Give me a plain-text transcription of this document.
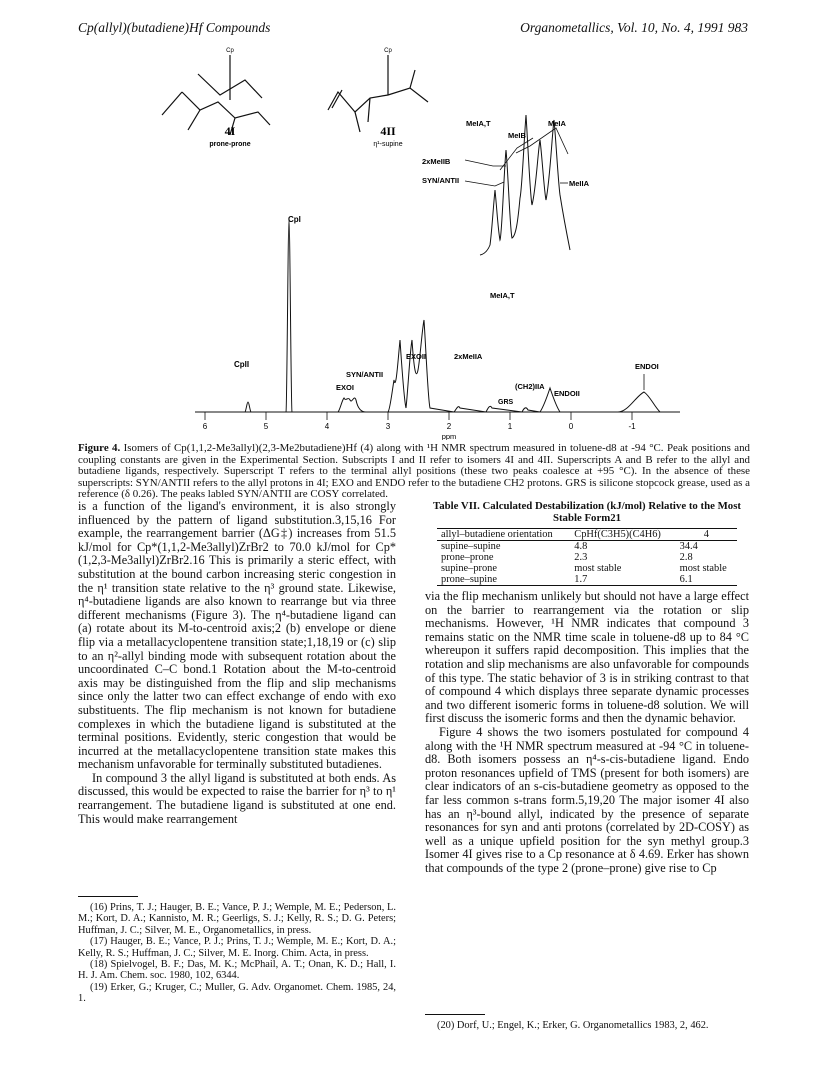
Cp(allyl)(butadiene)Hf Compounds	Organometallics, Vol. 10, No. 4, 1991 983
Cp
4I
prone-prone
Cp
4II
η¹-supine
MeIA,T
MeIB
MeIA
2xMeIIB
SYN/ANTII	MeIIA
CpII
CpI
EXOII	2xMeIIA
SYN/ANTII
EXOI	(CH2)IIA
ENDOII
ENDOI
GRS
MeIA,T
6	5	4	3	2	1	0	-1
ppm
Figure 4. Isomers of Cp(1,1,2-Me3allyl)(2,3-Me2butadiene)Hf (4) along with ¹H NMR spectrum measured in toluene-d8 at -94 °C. Peak positions and coupling constants are given in the Experimental Section. Subscripts I and II refer to isomers 4I and 4II. Superscripts A and B refer to the allyl and butadiene ligands, respectively. Superscript T refers to the terminal allyl positions (these two peaks coalesce at +95 °C). In the absence of these superscripts: SYN/ANTII refers to the allyl protons in 4I; EXO and ENDO refer to the butadiene CH2 protons. GRS is silicone stopcock grease, used as a reference (δ 0.26). The peaks labled SYN/ANTII are COSY correlated.

is a function of the ligand's environment, it is also strongly influenced by the pattern of ligand substitution.3,15,16 For example, the rearrangement barrier (ΔG‡) increases from 51.5 kJ/mol for Cp*(1,1,2-Me3allyl)ZrBr2 to 70.0 kJ/mol for Cp*(1,2,3-Me3allyl)ZrBr2.16 This is primarily a steric effect, with substitution at the bound carbon increasing steric congestion in the η¹ transition state relative to the η³ ground state. Likewise, η⁴-butadiene ligands are also known to rearrange but via three different mechanisms (Figure 3). The η⁴-butadiene ligand can (a) rotate about its M-to-centroid axis;2 (b) envelope or diene flip via a metallacyclopentene transition state;1,18,19 or (c) slip to an η²-allyl binding mode with subsequent rotation about the uncoordinated C–C bond.1 Rotation about the M-to-centroid axis may be distinguished from the flip and slip mechanisms since only the latter two can effect exchange of endo with exo substituents. The flip mechanism is not known for butadiene complexes in which the butadiene ligand is substituted at the terminal positions. Evidently, steric congestion that would be incurred at the metallacyclopentene transition state makes this mechanism unfavorable for terminally substituted butadienes.

In compound 3 the allyl ligand is substituted at both ends. As discussed, this would be expected to raise the barrier for η³ to η¹ rearrangement. The butadiene ligand is substituted at one end. This would make rearrangement

Table VII. Calculated Destabilization (kJ/mol) Relative to the Most Stable Form21
allyl–butadiene orientation	CpHf(C3H5)(C4H6)	4
supine–supine	4.8	34.4
prone–prone	2.3	2.8
supine–prone	most stable	most stable
prone–supine	1.7	6.1

via the flip mechanism unlikely but should not have a large effect on the barrier to rearrangement via the rotation or slip mechanisms. However, ¹H NMR indicates that compound 3 remains static on the NMR time scale in toluene-d8 up to 84 °C whereupon it suffers rapid decomposition. This implies that the rotation and slip mechanisms are also unfavorable for compounds of this type. The static behavior of 3 is in striking contrast to that of compound 4 which displays three separate dynamic processes and two different isomeric forms in toluene-d8 solution. We will first discuss the isomeric forms and then the dynamic behavior.

Figure 4 shows the two isomers postulated for compound 4 along with the ¹H NMR spectrum measured at -94 °C in toluene-d8. Both isomers possess an η⁴-s-cis-butadiene ligand. Endo proton resonances upfield of TMS (present for both isomers) are clear indicators of an s-cis-butadiene geometry as opposed to the far less common s-trans form.5,19,20 The major isomer 4I also has an η³-bound allyl, indicated by the presence of separate resonances for syn and anti protons (correlated by 2D-COSY) as well as a unique upfield position for the syn methyl group.3 Isomer 4I gives rise to a Cp resonance at δ 4.69. Erker has shown that compounds of the type 2 (prone–prone) give rise to Cp

(16) Prins, T. J.; Hauger, B. E.; Vance, P. J.; Wemple, M. E.; Pederson, L. M.; Kort, D. A.; Kannisto, M. R.; Geerligs, S. J.; Kelly, R. S.; D. G. Peters; Huffman, J. C.; Silver, M. E., Organometallics, in press.

(17) Hauger, B. E.; Vance, P. J.; Prins, T. J.; Wemple, M. E.; Kort, D. A.; Kelly, R. S.; Huffman, J. C.; Silver, M. E. Inorg. Chim. Acta, in press.

(18) Spielvogel, B. F.; Das, M. K.; McPhail, A. T.; Onan, K. D.; Hall, I. H. J. Am. Chem. soc. 1980, 102, 6344.

(19) Erker, G.; Kruger, C.; Muller, G. Adv. Organomet. Chem. 1985, 24, 1.

(20) Dorf, U.; Engel, K.; Erker, G. Organometallics 1983, 2, 462.
